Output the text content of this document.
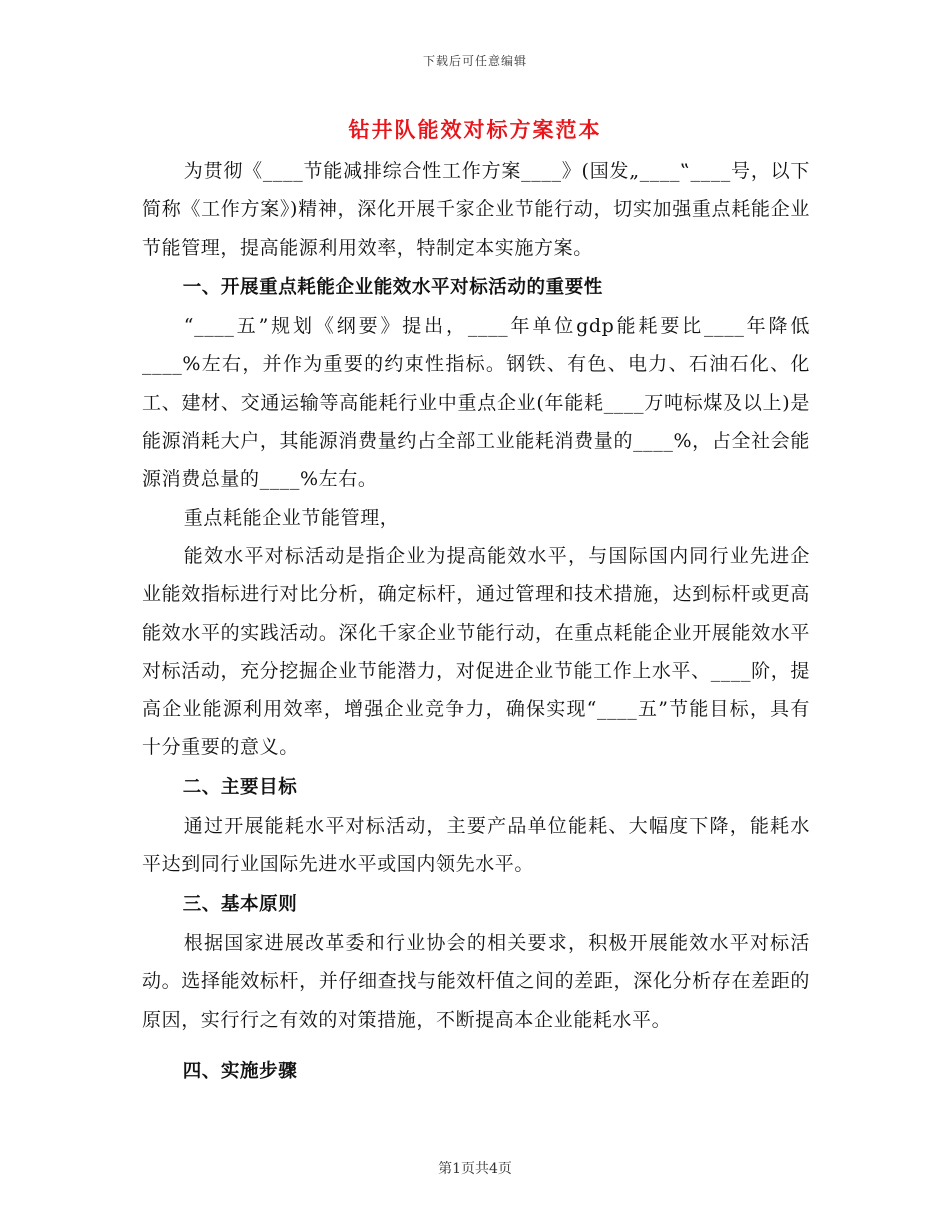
下载后可任意编辑
钻井队能效对标方案范本

为贯彻《____节能减排综合性工作方案____》(国发„____‟____号，以下简称《工作方案》)精神，深化开展千家企业节能行动，切实加强重点耗能企业节能管理，提高能源利用效率，特制定本实施方案。

一、开展重点耗能企业能效水平对标活动的重要性

“____五”规划《纲要》提出，____年单位gdp能耗要比____年降低____%左右，并作为重要的约束性指标。钢铁、有色、电力、石油石化、化工、建材、交通运输等高能耗行业中重点企业(年能耗____万吨标煤及以上)是能源消耗大户，其能源消费量约占全部工业能耗消费量的____%，占全社会能源消费总量的____%左右。

重点耗能企业节能管理，

能效水平对标活动是指企业为提高能效水平，与国际国内同行业先进企业能效指标进行对比分析，确定标杆，通过管理和技术措施，达到标杆或更高能效水平的实践活动。深化千家企业节能行动，在重点耗能企业开展能效水平对标活动，充分挖掘企业节能潜力，对促进企业节能工作上水平、____阶，提高企业能源利用效率，增强企业竞争力，确保实现“____五”节能目标，具有十分重要的意义。

二、主要目标

通过开展能耗水平对标活动，主要产品单位能耗、大幅度下降，能耗水平达到同行业国际先进水平或国内领先水平。

三、基本原则

根据国家进展改革委和行业协会的相关要求，积极开展能效水平对标活动。选择能效标杆，并仔细查找与能效杆值之间的差距，深化分析存在差距的原因，实行行之有效的对策措施，不断提高本企业能耗水平。

四、实施步骤

第1页共4页
